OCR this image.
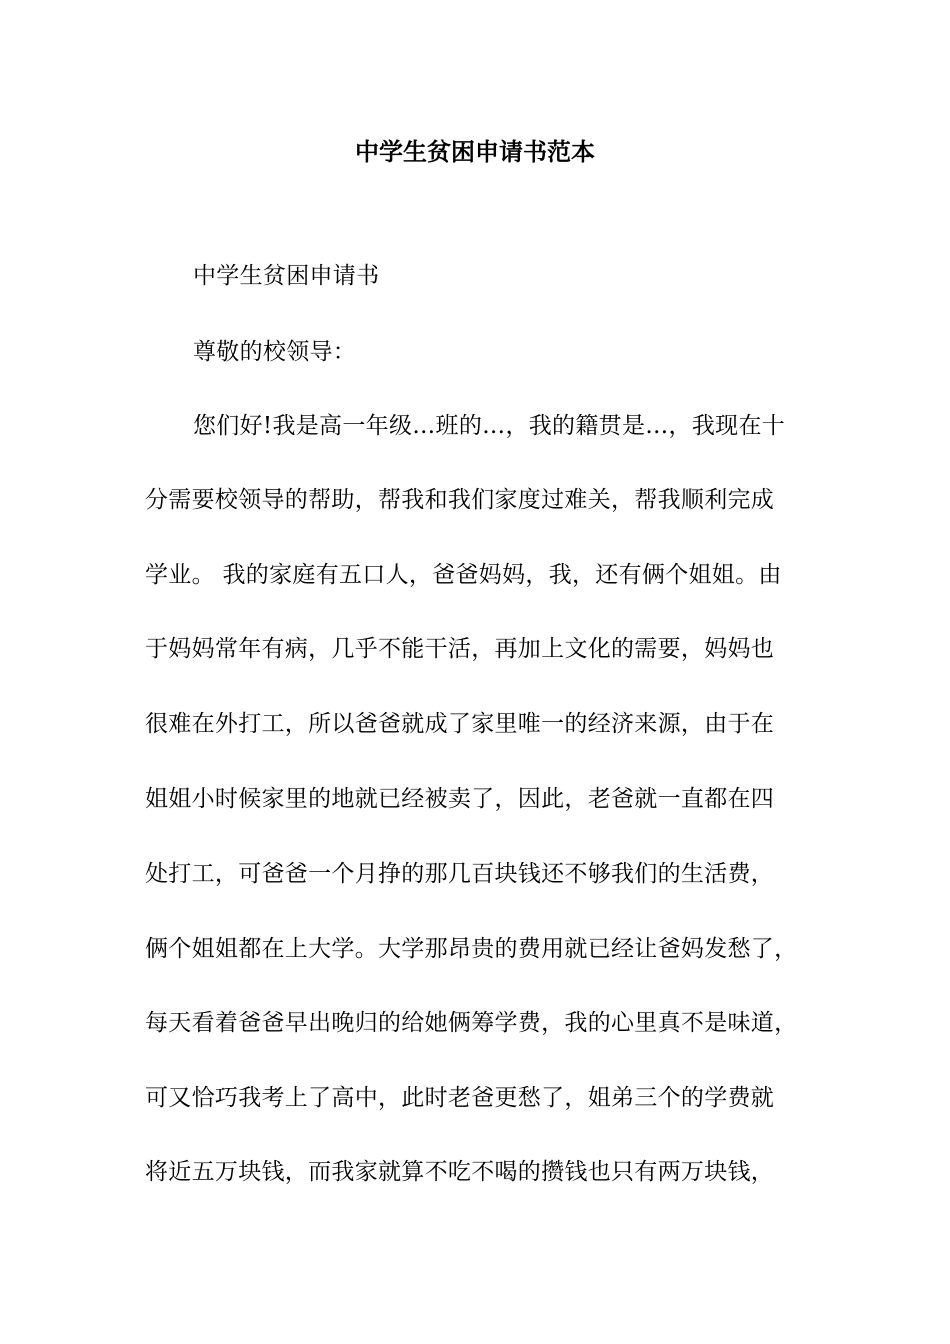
中学生贫困申请书范本
中学生贫困申请书
尊敬的校领导：
您们好!我是高一年级…班的…，我的籍贯是…，我现在十
分需要校领导的帮助，帮我和我们家度过难关，帮我顺利完成
学业。 我的家庭有五口人，爸爸妈妈，我，还有俩个姐姐。由
于妈妈常年有病，几乎不能干活，再加上文化的需要，妈妈也
很难在外打工，所以爸爸就成了家里唯一的经济来源，由于在
姐姐小时候家里的地就已经被卖了，因此，老爸就一直都在四
处打工，可爸爸一个月挣的那几百块钱还不够我们的生活费，
俩个姐姐都在上大学。大学那昂贵的费用就已经让爸妈发愁了，
每天看着爸爸早出晚归的给她俩筹学费，我的心里真不是味道，
可又恰巧我考上了高中，此时老爸更愁了，姐弟三个的学费就
将近五万块钱，而我家就算不吃不喝的攒钱也只有两万块钱，
